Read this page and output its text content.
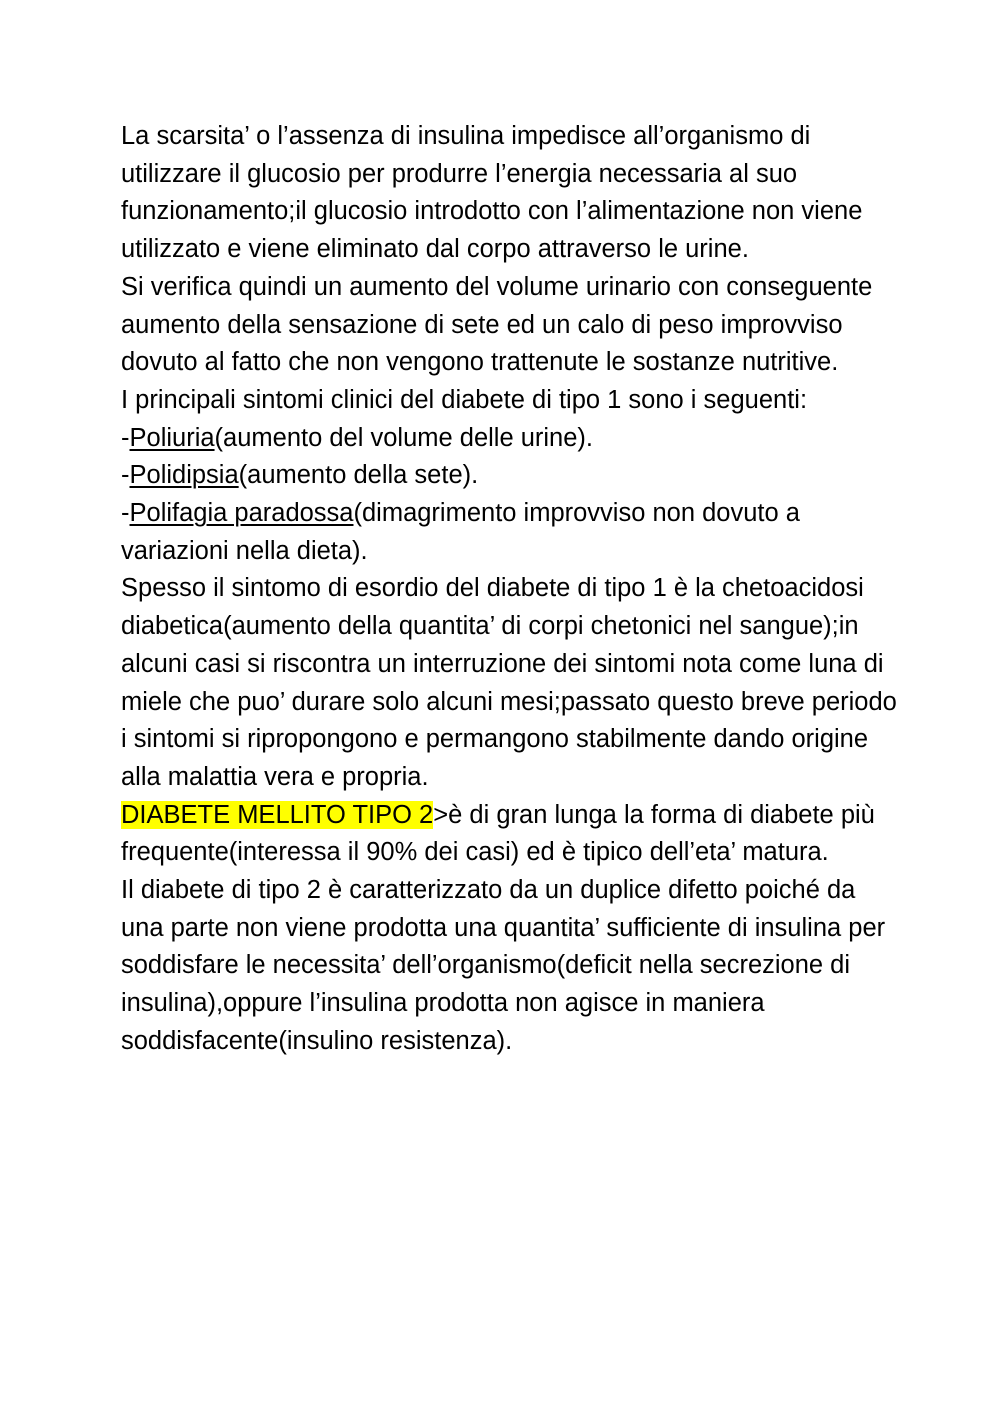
La scarsita’ o l’assenza di insulina impedisce all’organismo di utilizzare il glucosio per produrre l’energia necessaria al suo funzionamento;il glucosio introdotto con l’alimentazione non viene utilizzato e viene eliminato dal corpo attraverso le urine.

Si verifica quindi un aumento del volume urinario con conseguente aumento della sensazione di sete ed un calo di peso improvviso dovuto al fatto che non vengono trattenute le sostanze nutritive.

I principali sintomi clinici del diabete di tipo 1 sono i seguenti:

-Poliuria(aumento del volume delle urine).

-Polidipsia(aumento della sete).

-Polifagia paradossa(dimagrimento improvviso non dovuto a variazioni nella dieta).

Spesso il sintomo di esordio del diabete di tipo 1 è la chetoacidosi diabetica(aumento della quantita’ di corpi chetonici nel sangue);in alcuni casi si riscontra un interruzione dei sintomi nota come luna di miele che puo’ durare solo alcuni mesi;passato questo breve periodo i sintomi si ripropongono e permangono stabilmente dando origine alla malattia vera e propria.

DIABETE MELLITO TIPO 2>è di gran lunga la forma di diabete più frequente(interessa il 90% dei casi) ed è tipico dell’eta’ matura.

Il diabete di tipo 2 è caratterizzato da un duplice difetto poiché da una parte non viene prodotta una quantita’ sufficiente di insulina per soddisfare le necessita’ dell’organismo(deficit nella secrezione di insulina),oppure l’insulina prodotta non agisce in maniera soddisfacente(insulino resistenza).
